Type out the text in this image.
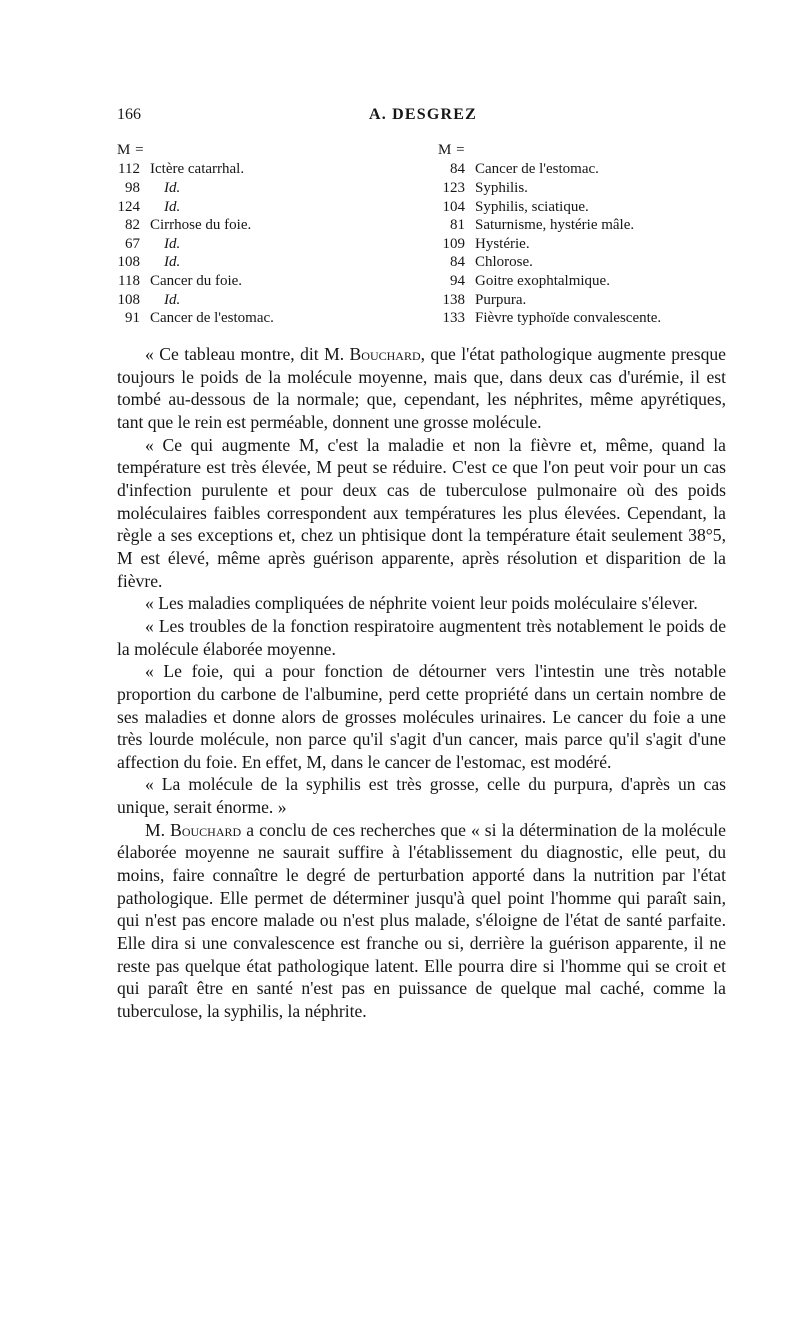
166	A. DESGREZ
M =
112 Ictère catarrhal.
98	Id.
124	Id.
82 Cirrhose du foie.
67	Id.
108	Id.
118 Cancer du foie.
108	Id.
91 Cancer de l'estomac.
M =
84 Cancer de l'estomac.
123 Syphilis.
104 Syphilis, sciatique.
81 Saturnisme, hystérie mâle.
109 Hystérie.
84 Chlorose.
94 Goitre exophtalmique.
138 Purpura.
133 Fièvre typhoïde convalescente.

« Ce tableau montre, dit M. Bouchard, que l'état pathologique augmente presque toujours le poids de la molécule moyenne, mais que, dans deux cas d'urémie, il est tombé au-dessous de la normale; que, cependant, les néphrites, même apyrétiques, tant que le rein est perméable, donnent une grosse molécule.

« Ce qui augmente M, c'est la maladie et non la fièvre et, même, quand la température est très élevée, M peut se réduire. C'est ce que l'on peut voir pour un cas d'infection purulente et pour deux cas de tuberculose pulmonaire où des poids moléculaires faibles correspondent aux températures les plus élevées. Cependant, la règle a ses exceptions et, chez un phtisique dont la température était seulement 38°5, M est élevé, même après guérison apparente, après résolution et disparition de la fièvre.

« Les maladies compliquées de néphrite voient leur poids moléculaire s'élever.

« Les troubles de la fonction respiratoire augmentent très notablement le poids de la molécule élaborée moyenne.

« Le foie, qui a pour fonction de détourner vers l'intestin une très notable proportion du carbone de l'albumine, perd cette propriété dans un certain nombre de ses maladies et donne alors de grosses molécules urinaires. Le cancer du foie a une très lourde molécule, non parce qu'il s'agit d'un cancer, mais parce qu'il s'agit d'une affection du foie. En effet, M, dans le cancer de l'estomac, est modéré.

« La molécule de la syphilis est très grosse, celle du purpura, d'après un cas unique, serait énorme. »

M. Bouchard a conclu de ces recherches que « si la détermination de la molécule élaborée moyenne ne saurait suffire à l'établissement du diagnostic, elle peut, du moins, faire connaître le degré de perturbation apporté dans la nutrition par l'état pathologique. Elle permet de déterminer jusqu'à quel point l'homme qui paraît sain, qui n'est pas encore malade ou n'est plus malade, s'éloigne de l'état de santé parfaite. Elle dira si une convalescence est franche ou si, derrière la guérison apparente, il ne reste pas quelque état pathologique latent. Elle pourra dire si l'homme qui se croit et qui paraît être en santé n'est pas en puissance de quelque mal caché, comme la tuberculose, la syphilis, la néphrite.
